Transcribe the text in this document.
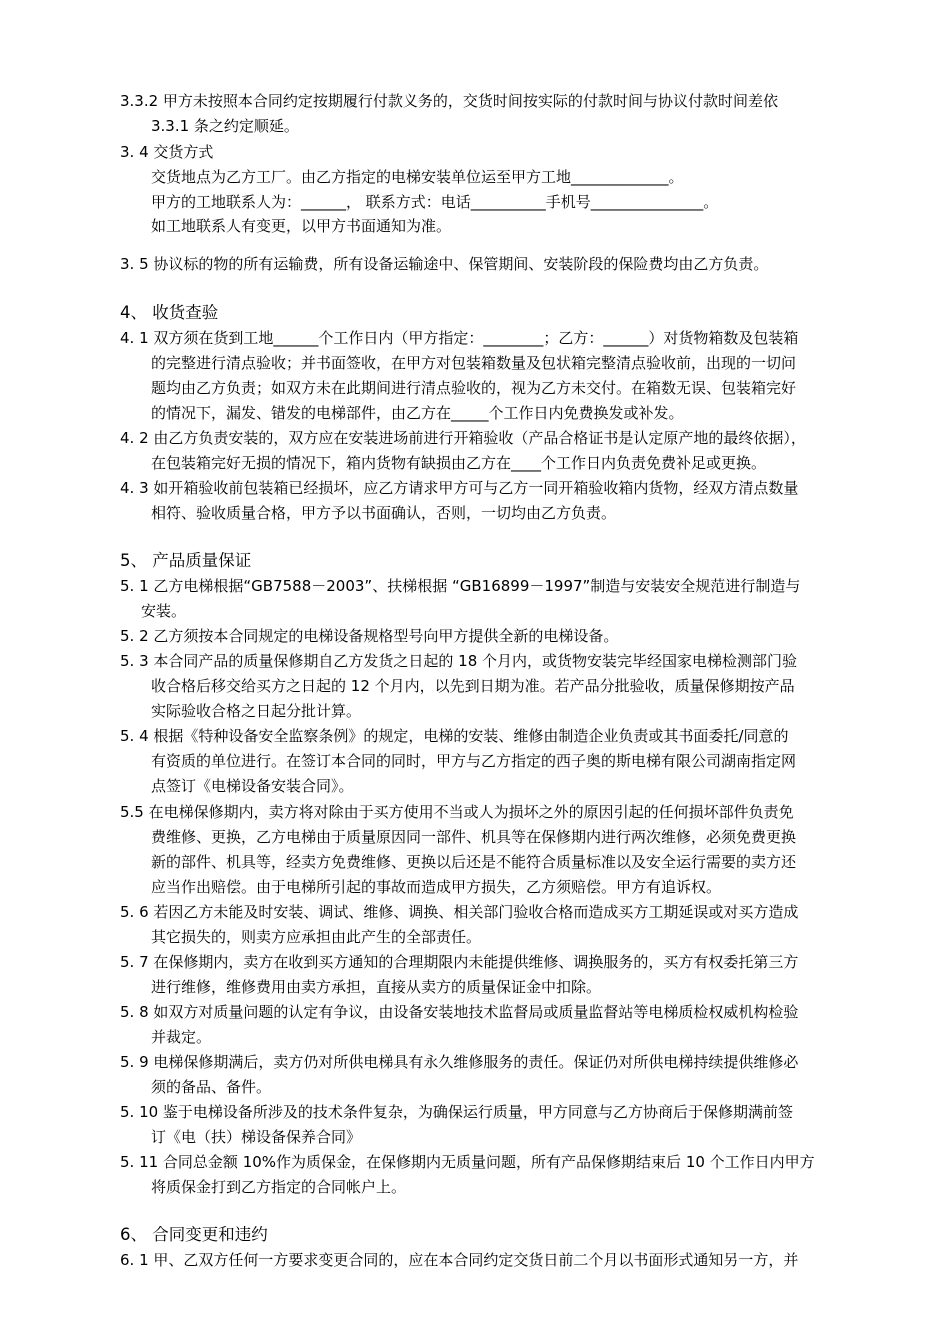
3.3.2 甲方未按照本合同约定按期履行付款义务的，交货时间按实际的付款时间与协议付款时间差依
3.3.1 条之约定顺延。
3. 4 交货方式
交货地点为乙方工厂。由乙方指定的电梯安装单位运至甲方工地_____________。
甲方的工地联系人为：______， 联系方式：电话__________手机号_______________。
如工地联系人有变更，以甲方书面通知为准。
3. 5 协议标的物的所有运输费，所有设备运输途中、保管期间、安装阶段的保险费均由乙方负责。
4、 收货查验
4. 1 双方须在货到工地______个工作日内（甲方指定：________；乙方：______）对货物箱数及包装箱
的完整进行清点验收；并书面签收，在甲方对包装箱数量及包状箱完整清点验收前，出现的一切问
题均由乙方负责；如双方未在此期间进行清点验收的，视为乙方未交付。在箱数无误、包装箱完好
的情况下，漏发、错发的电梯部件，由乙方在_____个工作日内免费换发或补发。
4. 2 由乙方负责安装的，双方应在安装进场前进行开箱验收（产品合格证书是认定原产地的最终依据），
在包装箱完好无损的情况下，箱内货物有缺损由乙方在____个工作日内负责免费补足或更换。
4. 3 如开箱验收前包装箱已经损坏，应乙方请求甲方可与乙方一同开箱验收箱内货物，经双方清点数量
相符、验收质量合格，甲方予以书面确认，否则，一切均由乙方负责。
5、 产品质量保证
5. 1 乙方电梯根据“GB7588－2003”、扶梯根据 “GB16899－1997”制造与安装安全规范进行制造与
安装。
5. 2 乙方须按本合同规定的电梯设备规格型号向甲方提供全新的电梯设备。
5. 3 本合同产品的质量保修期自乙方发货之日起的 18 个月内，或货物安装完毕经国家电梯检测部门验
收合格后移交给买方之日起的 12 个月内，以先到日期为准。若产品分批验收，质量保修期按产品
实际验收合格之日起分批计算。
5. 4 根据《特种设备安全监察条例》的规定，电梯的安装、维修由制造企业负责或其书面委托/同意的
有资质的单位进行。在签订本合同的同时，甲方与乙方指定的西子奥的斯电梯有限公司湖南指定网
点签订《电梯设备安装合同》。
5.5 在电梯保修期内，卖方将对除由于买方使用不当或人为损坏之外的原因引起的任何损坏部件负责免
费维修、更换，乙方电梯由于质量原因同一部件、机具等在保修期内进行两次维修，必须免费更换
新的部件、机具等，经卖方免费维修、更换以后还是不能符合质量标准以及安全运行需要的卖方还
应当作出赔偿。由于电梯所引起的事故而造成甲方损失，乙方须赔偿。甲方有追诉权。
5. 6 若因乙方未能及时安装、调试、维修、调换、相关部门验收合格而造成买方工期延误或对买方造成
其它损失的，则卖方应承担由此产生的全部责任。
5. 7 在保修期内，卖方在收到买方通知的合理期限内未能提供维修、调换服务的，买方有权委托第三方
进行维修，维修费用由卖方承担，直接从卖方的质量保证金中扣除。
5. 8 如双方对质量问题的认定有争议，由设备安装地技术监督局或质量监督站等电梯质检权威机构检验
并裁定。
5. 9 电梯保修期满后，卖方仍对所供电梯具有永久维修服务的责任。保证仍对所供电梯持续提供维修必
须的备品、备件。
5. 10 鉴于电梯设备所涉及的技术条件复杂，为确保运行质量，甲方同意与乙方协商后于保修期满前签
订《电（扶）梯设备保养合同》
5. 11 合同总金额 10%作为质保金，在保修期内无质量问题，所有产品保修期结束后 10 个工作日内甲方
将质保金打到乙方指定的合同帐户上。
6、 合同变更和违约
6. 1 甲、乙双方任何一方要求变更合同的，应在本合同约定交货日前二个月以书面形式通知另一方，并
